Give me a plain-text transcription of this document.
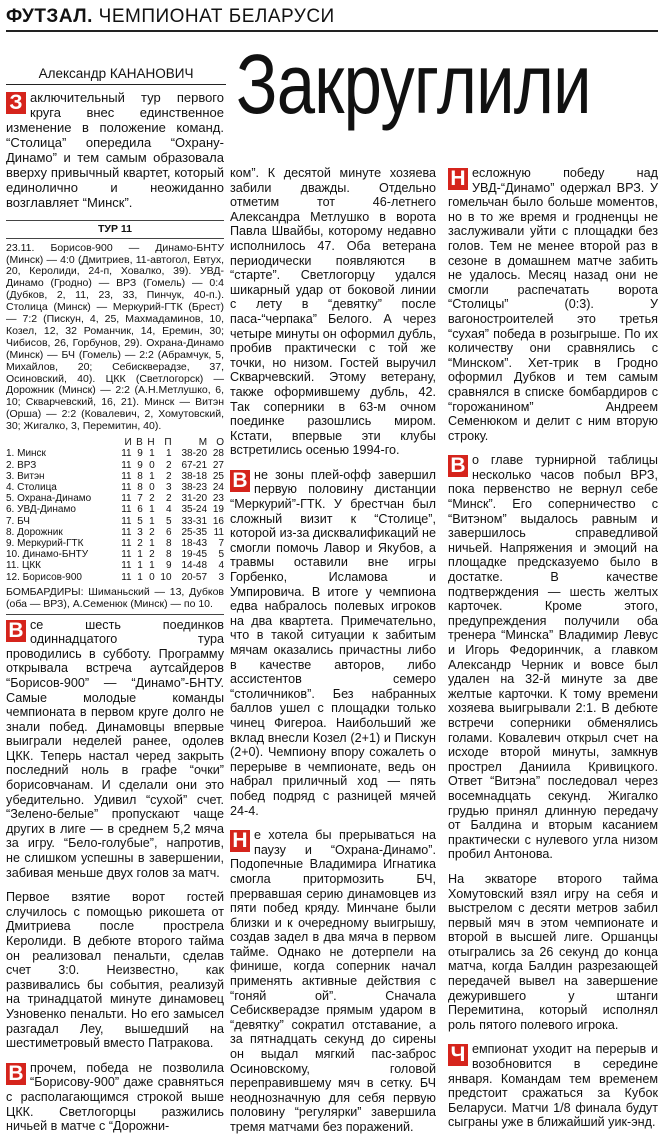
ФУТЗАЛ. ЧЕМПИОНАТ БЕЛАРУСИ
Александр КАНАНОВИЧ Закруглили

З аключительный тур первого круга внес единственное изменение в положение команд. “Столица” опередила “Охрану-Динамо” и тем самым образовала вверху привычный квартет, который единолично и неожиданно возглавляет “Минск”.

ТУР 11
23.11. Борисов-900 — Динамо-БНТУ (Минск) — 4:0 (Дмитриев, 11-автогол, Евтух, 20, Керолиди, 24-п, Ховалко, 39). УВД-Динамо (Гродно) — ВРЗ (Гомель) — 0:4 (Дубков, 2, 11, 23, 33, Пинчук, 40-п.). Столица (Минск) — Меркурий-ГТК (Брест) — 7:2 (Пискун, 4, 25, Махмадаминов, 10, Козел, 12, 32 Романчик, 14, Еремин, 30; Чибисов, 26, Горбунов, 29). Охрана-Динамо (Минск) — БЧ (Гомель) — 2:2 (Абрамчук, 5, Михайлов, 20; Себискверадзе, 37, Осиновский, 40). ЦКК (Светлогорск) — Дорожник (Минск) — 2:2 (А.Н.Метлушко, 6, 10; Скварчевский, 16, 21). Минск — Витэн (Орша) — 2:2 (Ковалевич, 2, Хомутовский, 30; Жигалко, 3, Перемитин, 40).
	И	В	Н	П	М	О
1. Минск	11	9	1	1	38-20	28
2. ВРЗ	11	9	0	2	67-21	27
3. Витэн	11	8	1	2	38-18	25
4. Столица	11	8	0	3	38-23	24
5. Охрана-Динамо	11	7	2	2	31-20	23
6. УВД-Динамо	11	6	1	4	35-24	19
7. БЧ	11	5	1	5	33-31	16
8. Дорожник	11	3	2	6	25-35	11
9. Меркурий-ГТК	11	2	1	8	18-43	7
10. Динамо-БНТУ	11	1	2	8	19-45	5
11. ЦКК	11	1	1	9	14-48	4
12. Борисов-900	11	1	0	10	20-57	3
БОМБАРДИРЫ: Шиманьский — 13, Дубков (оба — ВРЗ), А.Семенюк (Минск) — по 10.

В се шесть поединков одиннадцатого тура проводились в субботу. Программу открывала встреча аутсайдеров “Борисов-900” — “Динамо”-БНТУ. Самые молодые команды чемпионата в первом круге долго не знали побед. Динамовцы впервые выиграли неделей ранее, одолев ЦКК. Теперь настал черед закрыть последний ноль в графе “очки” борисовчанам. И сделали они это убедительно. Удивил “сухой” счет. “Зелено-белые” пропускают чаще других в лиге — в среднем 5,2 мяча за игру. “Бело-голубые”, напротив, не слишком успешны в завершении, забивая меньше двух голов за матч.

Первое взятие ворот гостей случилось с помощью рикошета от Дмитриева после прострела Керолиди. В дебюте второго тайма он реализовал пенальти, сделав счет 3:0. Неизвестно, как развивались бы события, реализуй на тринадцатой минуте динамовец Узновенко пенальти. Но его замысел разгадал Леу, вышедший на шестиметровый вместо Патракова.

В прочем, победа не позволила “Борисову-900” даже сравняться с располагающимся строкой выше ЦКК. Светлогорцы разжились ничьей в матче с “Дорожни-

ком”. К десятой минуте хозяева забили дважды. Отдельно отметим тот 46-летнего Александра Метлушко в ворота Павла Швайбы, которому недавно исполнилось 47. Оба ветерана периодически появляются в “старте”. Светлогорцу удался шикарный удар от боковой линии с лету в “девятку” после паса-“черпака” Белого. А через четыре минуты он оформил дубль, пробив практически с той же точки, но низом. Гостей выручил Скварчевский. Этому ветерану, также оформившему дубль, 42. Так соперники в 63-м очном поединке разошлись миром. Кстати, впервые эти клубы встретились осенью 1994-го.

В не зоны плей-офф завершил первую половину дистанции “Меркурий”-ГТК. У брестчан был сложный визит к “Столице”, которой из-за дисквалификаций не смогли помочь Лавор и Якубов, а травмы оставили вне игры Горбенко, Исламова и Умпировича. В итоге у чемпиона едва набралось полевых игроков на два квартета. Примечательно, что в такой ситуации к забитым мячам оказались причастны либо в качестве авторов, либо ассистентов семеро “столичников”. Без набранных баллов ушел с площадки только чинец Фигероа. Наибольший же вклад внесли Козел (2+1) и Пискун (2+0). Чемпиону впору сожалеть о перерыве в чемпионате, ведь он набрал приличный ход — пять побед подряд с разницей мячей 24-4.

Н е хотела бы прерываться на паузу и “Охрана-Динамо”. Подопечные Владимира Игнатика смогла притормозить БЧ, прервавшая серию динамовцев из пяти побед кряду. Минчане были близки и к очередному выигрышу, создав задел в два мяча в первом тайме. Однако не дотерпели на финише, когда соперник начал применять активные действия с “гоняй ой”. Сначала Себискверадзе прямым ударом в “девятку” сократил отставание, а за пятнадцать секунд до сирены он выдал мягкий пас-заброс Осиновскому, головой переправившему мяч в сетку. БЧ неоднозначную для себя первую половину “регулярки” завершила тремя матчами без поражений.

Н есложную победу над УВД-“Динамо” одержал ВРЗ. У гомельчан было больше моментов, но в то же время и гродненцы не заслуживали уйти с площадки без голов. Тем не менее второй раз в сезоне в домашнем матче забить не удалось. Месяц назад они не смогли распечатать ворота “Столицы” (0:3). У вагоностроителей это третья “сухая” победа в розыгрыше. По их количеству они сравнялись с “Минском”. Хет-трик в Гродно оформил Дубков и тем самым сравнялся в списке бомбардиров с “горожанином” Андреем Семенюком и делит с ним вторую строку.

В о главе турнирной таблицы несколько часов побыл ВРЗ, пока первенство не вернул себе “Минск”. Его соперничество с “Витэном” выдалось равным и завершилось справедливой ничьей. Напряжения и эмоций на площадке предсказуемо было в достатке. В качестве подтверждения — шесть желтых карточек. Кроме этого, предупреждения получили оба тренера “Минска” Владимир Левус и Игорь Федоринчик, а главком Александр Черник и вовсе был удален на 32-й минуте за две желтые карточки. К тому времени хозяева выигрывали 2:1. В дебюте встречи соперники обменялись голами. Ковалевич открыл счет на исходе второй минуты, замкнув прострел Даниила Кривицкого. Ответ “Витэна” последовал через восемнадцать секунд. Жигалко грудью принял длинную передачу от Балдина и вторым касанием практически с нулевого угла низом пробил Антонова.

На экваторе второго тайма Хомутовский взял игру на себя и выстрелом с десяти метров забил первый мяч в этом чемпионате и второй в высшей лиге. Оршанцы отыгрались за 26 секунд до конца матча, когда Балдин разрезающей передачей вывел на завершение дежурившего у штанги Перемитина, который исполнял роль пятого полевого игрока.

Ч емпионат уходит на перерыв и возобновится в середине января. Командам тем временем предстоит сражаться за Кубок Беларуси. Матчи 1/8 финала будут сыграны уже в ближайший уик-энд.
